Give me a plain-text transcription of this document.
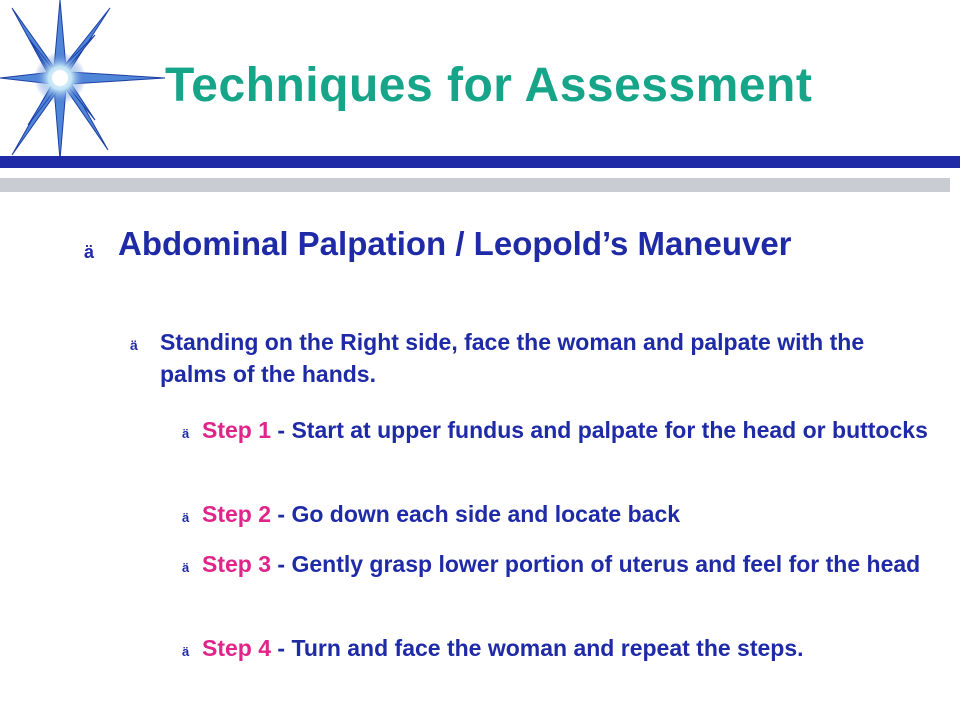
Techniques for Assessment
ä Abdominal Palpation / Leopold’s Maneuver
ä Standing on the Right side, face the woman and palpate with the palms of the hands.
ä Step 1 - Start at upper fundus and palpate for the head or buttocks
ä Step 2 - Go down each side and locate back
ä Step 3 - Gently grasp lower portion of uterus and feel for the head
ä Step 4 - Turn and face the woman and repeat the steps.
